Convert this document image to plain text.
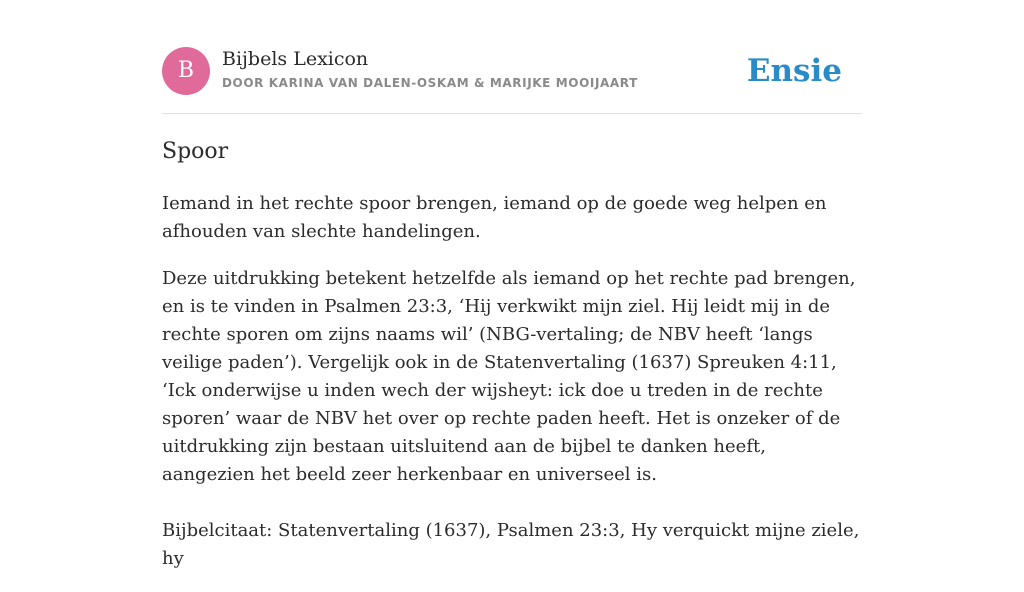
B	Bijbels Lexicon
DOOR KARINA VAN DALEN-OSKAM & MARIJKE MOOIJAART	Ensie
Spoor

Iemand in het rechte spoor brengen, iemand op de goede weg helpen en afhouden van slechte handelingen.

Deze uitdrukking betekent hetzelfde als iemand op het rechte pad brengen, en is te vinden in Psalmen 23:3, ‘Hij verkwikt mijn ziel. Hij leidt mij in de rechte sporen om zijns naams wil’ (NBG-vertaling; de NBV heeft ‘langs veilige paden’). Vergelijk ook in de Statenvertaling (1637) Spreuken 4:11, ‘Ick onderwijse u inden wech der wijsheyt: ick doe u treden in de rechte sporen’ waar de NBV het over op rechte paden heeft. Het is onzeker of de uitdrukking zijn bestaan uitsluitend aan de bijbel te danken heeft, aangezien het beeld zeer herkenbaar en universeel is.

Bijbelcitaat: Statenvertaling (1637), Psalmen 23:3, Hy verquickt mijne ziele, hy
